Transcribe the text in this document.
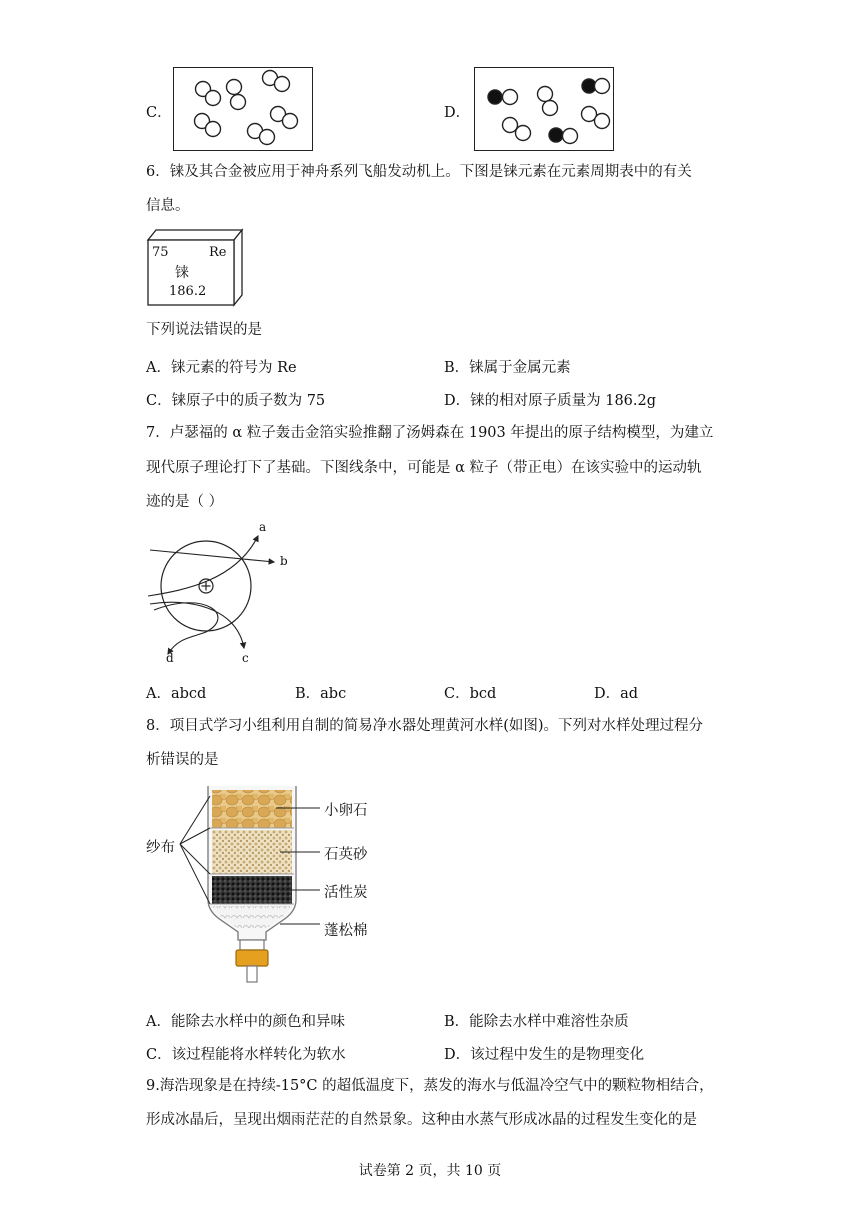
C．	D．
6．铼及其合金被应用于神舟系列飞船发动机上。下图是铼元素在元素周期表中的有关
信息。
75	Re
铼
186.2
下列说法错误的是
A．铼元素的符号为 Re	B．铼属于金属元素
C．铼原子中的质子数为 75	D．铼的相对原子质量为 186.2g
7．卢瑟福的 α 粒子轰击金箔实验推翻了汤姆森在 1903 年提出的原子结构模型，为建立
现代原子理论打下了基础。下图线条中，可能是 α 粒子（带正电）在该实验中的运动轨
迹的是（ ）
a
b
c
d
A．abcd	B．abc	C．bcd	D．ad
8．项目式学习小组利用自制的简易净水器处理黄河水样(如图)。下列对水样处理过程分
析错误的是
纱布
小卵石
石英砂
活性炭
蓬松棉
A．能除去水样中的颜色和异味	B．能除去水样中难溶性杂质
C．该过程能将水样转化为软水	D．该过程中发生的是物理变化
9.海浩现象是在持续-15°C 的超低温度下，蒸发的海水与低温冷空气中的颗粒物相结合，
形成冰晶后，呈现出烟雨茫茫的自然景象。这种由水蒸气形成冰晶的过程发生变化的是
试卷第 2 页，共 10 页
